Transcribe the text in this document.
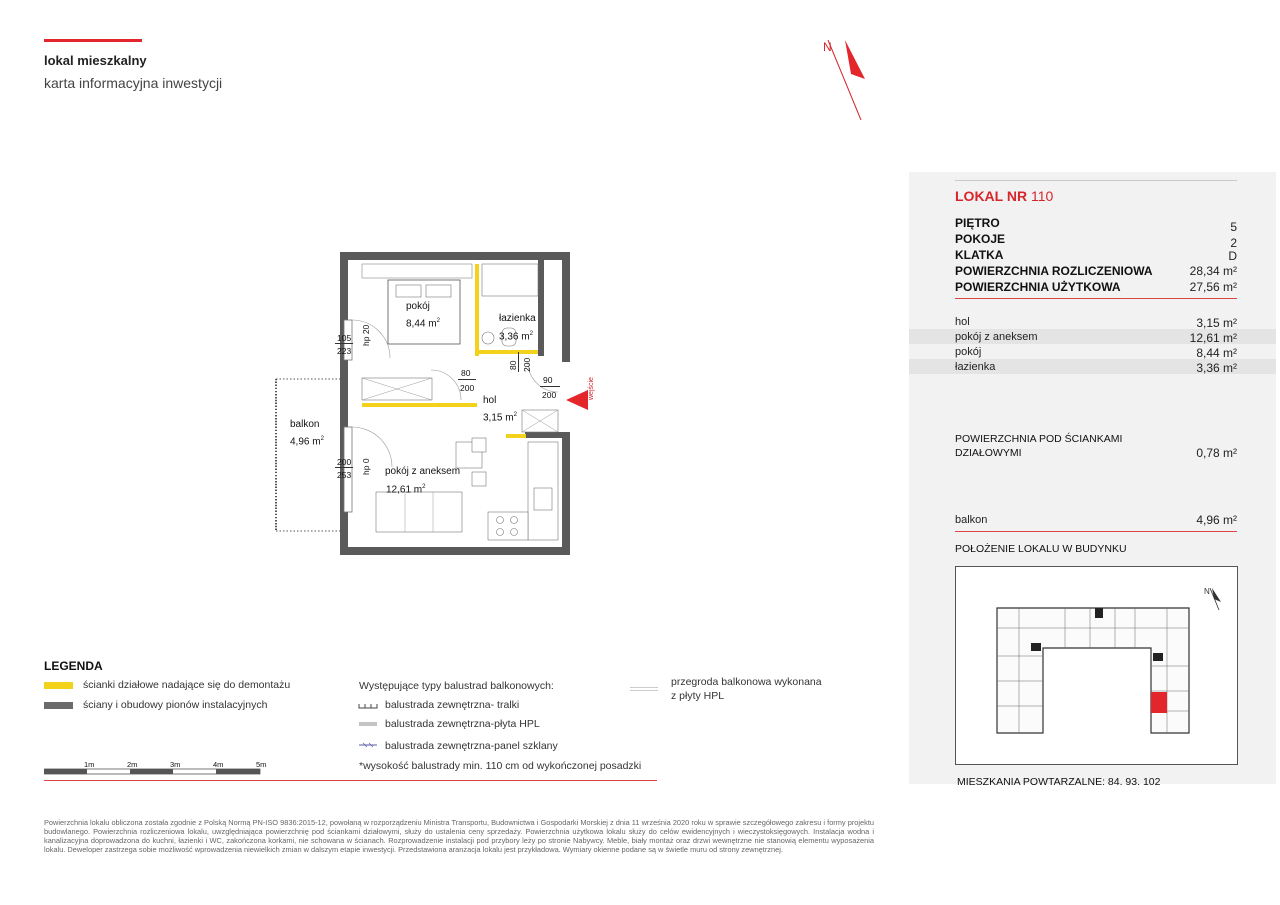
lokal mieszkalny
karta informacyjna inwestycji
N
wejście
pokój
8,44 $m^2$	łazienka
3,36 $m^2$
hol
3,15 $m^2$
pokój z aneksem
12,61 $m^2$
balkon
4,96 $m^2$
105
223
hp 20
200
253 hp 0
80
200
80 200
90
200
LOKAL NR 110
PIĘTRO	5
POKOJE	2
KLATKA	D
POWIERZCHNIA ROZLICZENIOWA	28,34 m²
POWIERZCHNIA UŻYTKOWA	27,56 m²
hol	3,15 m²
pokój z aneksem	12,61 m²
pokój	8,44 m²
łazienka	3,36 m²
POWIERZCHNIA POD ŚCIANKAMI
DZIAŁOWYMI	0,78 m²
balkon	4,96 m²
POŁOŻENIE LOKALU W BUDYNKU
N
MIESZKANIA POWTARZALNE: 84. 93. 102
LEGENDA
ścianki działowe nadające się do demontażu
ściany i obudowy pionów instalacyjnych
Występujące typy balustrad balkonowych:
balustrada zewnętrzna- tralki
balustrada zewnętrzna-płyta HPL
balustrada zewnętrzna-panel szklany
*wysokość balustrady min. 110 cm od wykończonej posadzki
przegroda balkonowa wykonana
z płyty HPL
1m	2m	3m	4m	5m
Powierzchnia lokalu obliczona została zgodnie z Polską Normą PN-ISO 9836:2015-12, powołaną w rozporządzeniu Ministra Transportu, Budownictwa i Gospodarki Morskiej z dnia 11 września 2020 roku w sprawie szczegółowego zakresu i formy projektu budowlanego. Powierzchnia rozliczeniowa lokalu, uwzględniająca powierzchnię pod ściankami działowymi, służy do ustalenia ceny sprzedaży. Powierzchnia użytkowa lokalu służy do celów ewidencyjnych i wieczystoksięgowych. Instalacja wodna i kanalizacyjna doprowadzona do kuchni, łazienki i WC, zakończona korkami, nie schowana w ścianach. Rozprowadzenie instalacji pod przybory leży po stronie Nabywcy. Meble, biały montaż oraz drzwi wewnętrzne nie stanowią elementu wyposażenia lokalu. Deweloper zastrzega sobie możliwość wprowadzenia niewielkich zmian w dalszym etapie inwestycji. Przedstawiona aranżacja lokalu jest przykładowa. Wymiary okienne podane są w świetle muru od strony zewnętrznej.
